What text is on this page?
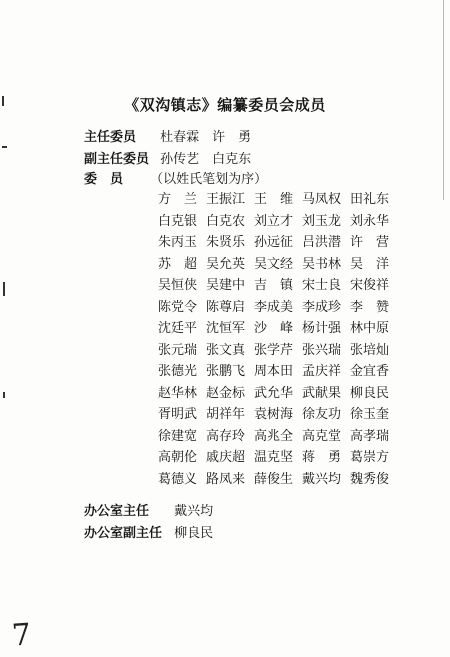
《双沟镇志》编纂委员会成员
主任委员 杜春霖　许　勇
副主任委员 孙传艺　白克东
委　员 （以姓氏笔划为序）
方　兰 王振江 王　维 马凤权 田礼东
白克银 白克农 刘立才 刘玉龙 刘永华
朱丙玉 朱贤乐 孙远征 吕洪潜 许　营
苏　超 吴允英 吴文经 吴书林 吴　洋
吴恒侠 吴建中 吉　镇 宋士良 宋俊祥
陈党令 陈尊启 李成美 李成珍 李　赞
沈廷平 沈恒军 沙　峰 杨计强 林中原
张元瑞 张文真 张学芹 张兴瑞 张培灿
张德光 张鹏飞 周本田 孟庆祥 金宜香
赵华林 赵金标 武允华 武献果 柳良民
胥明武 胡祥年 袁树海 徐友功 徐玉奎
徐建宽 高存玲 高兆全 高克堂 高孝瑞
高朝伦 戚庆超 温克坚 蒋　勇 葛崇方
葛德义 路凤来 薛俊生 戴兴均 魏秀俊
办公室主任 戴兴均
办公室副主任 柳良民
7
